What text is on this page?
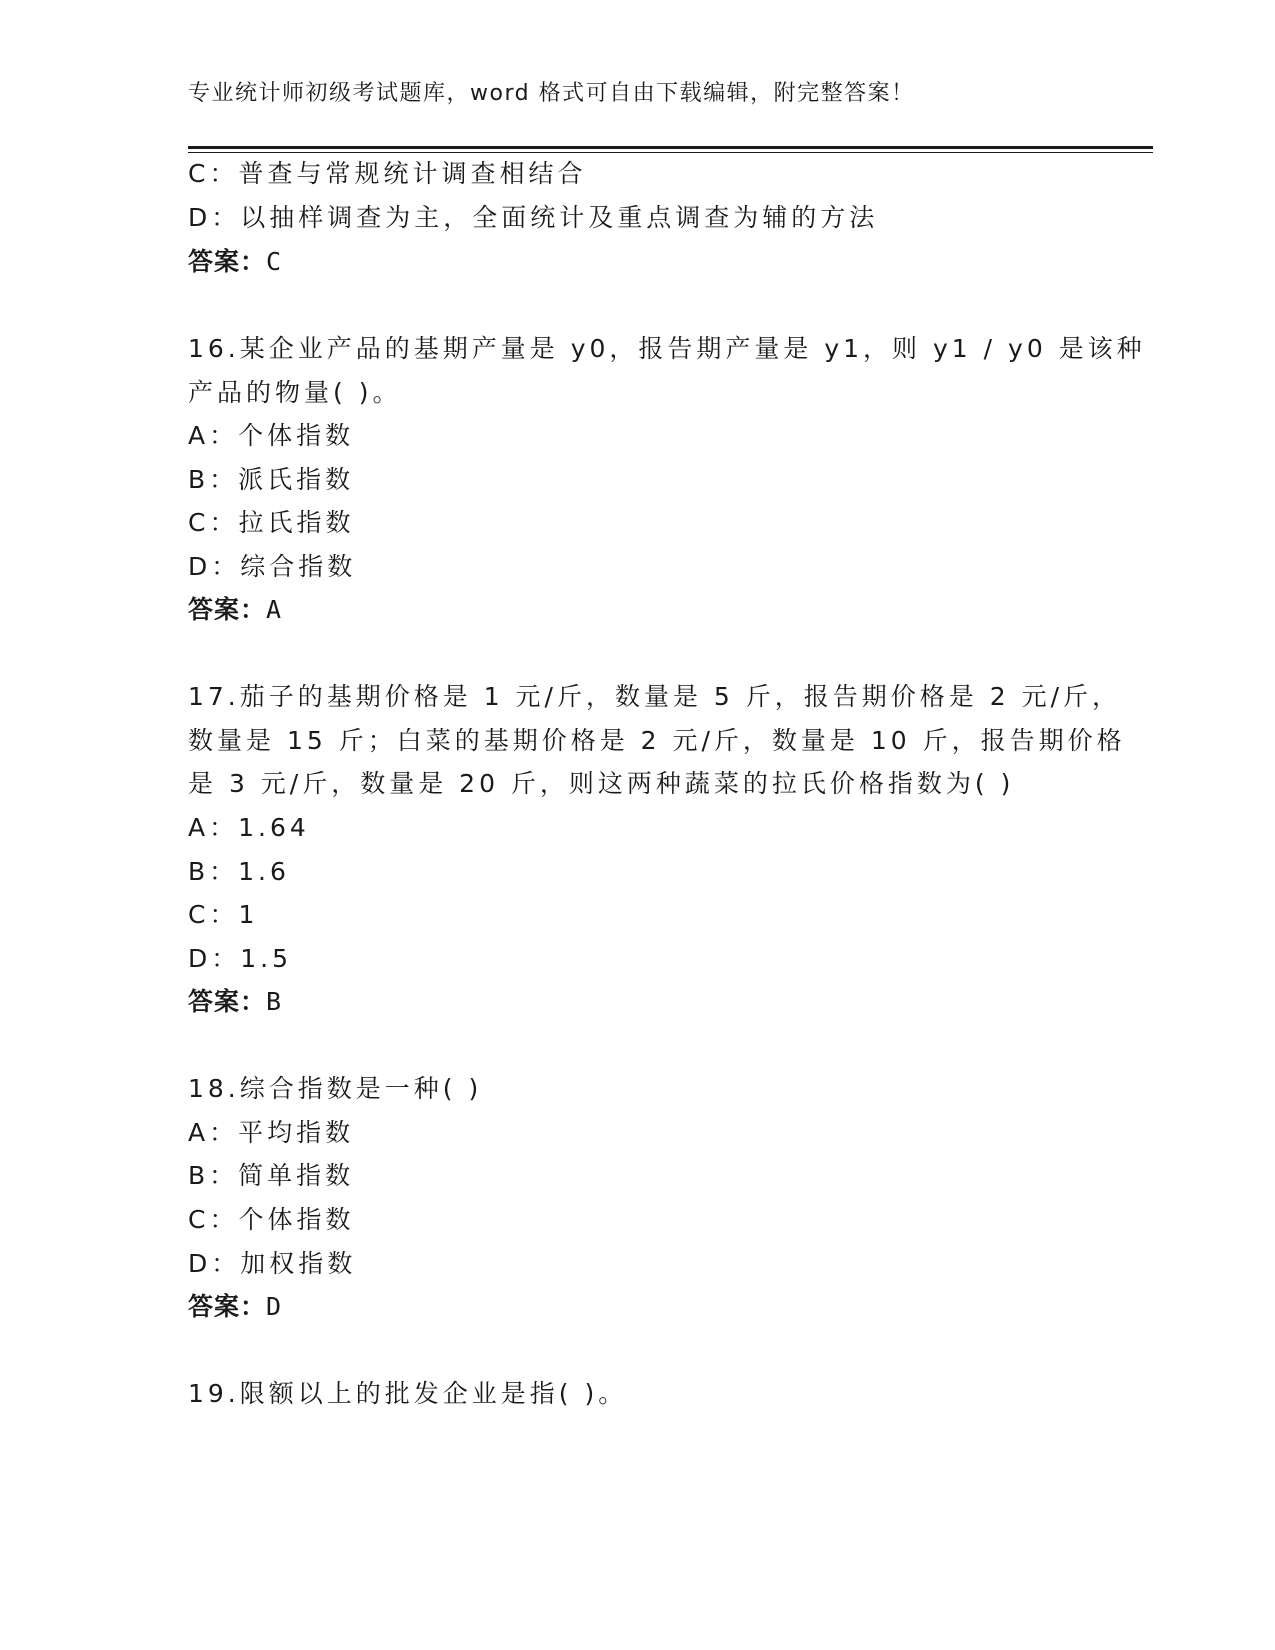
专业统计师初级考试题库，word 格式可自由下载编辑，附完整答案！
C：普查与常规统计调查相结合
D：以抽样调查为主，全面统计及重点调查为辅的方法
答案：C
16.某企业产品的基期产量是 y0，报告期产量是 y1，则 y1 / y0 是该种
产品的物量( )。
A：个体指数
B：派氏指数
C：拉氏指数
D：综合指数
答案：A
17.茄子的基期价格是 1 元/斤，数量是 5 斤，报告期价格是 2 元/斤，
数量是 15 斤；白菜的基期价格是 2 元/斤，数量是 10 斤，报告期价格
是 3 元/斤，数量是 20 斤，则这两种蔬菜的拉氏价格指数为( )
A：1.64
B：1.6
C：1
D：1.5
答案：B
18.综合指数是一种( )
A：平均指数
B：简单指数
C：个体指数
D：加权指数
答案：D
19.限额以上的批发企业是指( )。
